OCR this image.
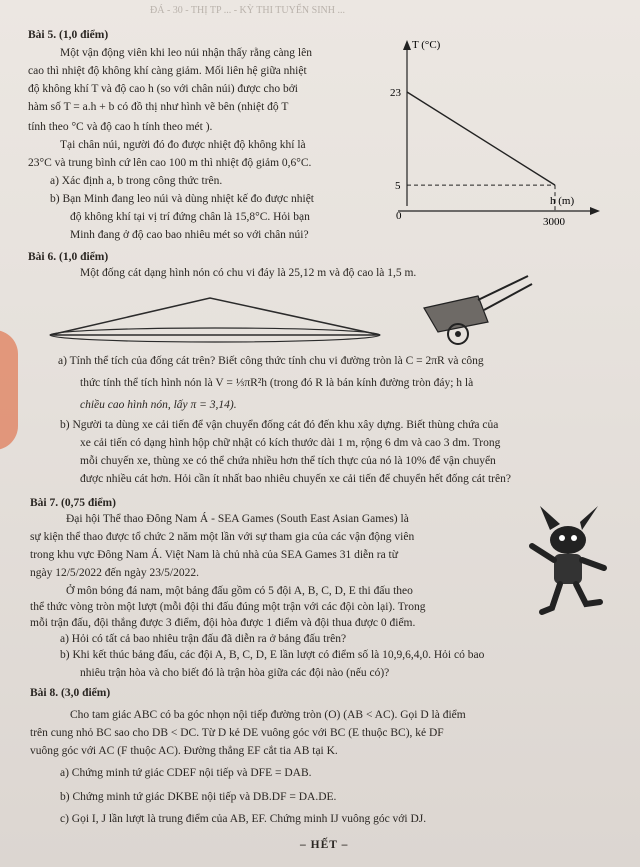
ĐÁ - 30 - THỊ TP ... - KỲ THI TUYỂN SINH ...
Bài 5. (1,0 điểm)
Một vận động viên khi leo núi nhận thấy rằng càng lên
cao thì nhiệt độ không khí càng giảm. Mối liên hệ giữa nhiệt
độ không khí T và độ cao h (so với chân núi) được cho bởi
hàm số T = a.h + b có đồ thị như hình vẽ bên (nhiệt độ T
tính theo °C và độ cao h tính theo mét ).
Tại chân núi, người đó đo được nhiệt độ không khí là
23°C và trung bình cứ lên cao 100 m thì nhiệt độ giảm 0,6°C.
a) Xác định a, b trong công thức trên.
b) Bạn Minh đang leo núi và dùng nhiệt kế đo được nhiệt
độ không khí tại vị trí đứng chân là 15,8°C. Hỏi bạn
Minh đang ở độ cao bao nhiêu mét so với chân núi?
T (°C)
h (m)
0
23
5
3000
Bài 6. (1,0 điểm)
Một đống cát dạng hình nón có chu vi đáy là 25,12 m và độ cao là 1,5 m.
a) Tính thể tích của đống cát trên? Biết công thức tính chu vi đường tròn là C = 2πR và công
thức tính thể tích hình nón là V = ⅓πR²h (trong đó R là bán kính đường tròn đáy; h là
chiều cao hình nón, lấy π = 3,14).
b) Người ta dùng xe cải tiến để vận chuyển đống cát đó đến khu xây dựng. Biết thùng chứa của
xe cải tiến có dạng hình hộp chữ nhật có kích thước dài 1 m, rộng 6 dm và cao 3 dm. Trong
mỗi chuyến xe, thùng xe có thể chứa nhiều hơn thể tích thực của nó là 10% để vận chuyển
được nhiều cát hơn. Hỏi cần ít nhất bao nhiêu chuyến xe cải tiến để chuyển hết đống cát trên?
Bài 7. (0,75 điểm)
Đại hội Thể thao Đông Nam Á - SEA Games (South East Asian Games) là
sự kiện thể thao được tổ chức 2 năm một lần với sự tham gia của các vận động viên
trong khu vực Đông Nam Á. Việt Nam là chủ nhà của SEA Games 31 diễn ra từ
ngày 12/5/2022 đến ngày 23/5/2022.
Ở môn bóng đá nam, một bảng đấu gồm có 5 đội A, B, C, D, E thi đấu theo
thể thức vòng tròn một lượt (mỗi đội thi đấu đúng một trận với các đội còn lại). Trong
mỗi trận đấu, đội thắng được 3 điểm, đội hòa được 1 điểm và đội thua được 0 điểm.
a) Hỏi có tất cả bao nhiêu trận đấu đã diễn ra ở bảng đấu trên?
b) Khi kết thúc bảng đấu, các đội A, B, C, D, E lần lượt có điểm số là 10,9,6,4,0. Hỏi có bao
nhiêu trận hòa và cho biết đó là trận hòa giữa các đội nào (nếu có)?
Bài 8. (3,0 điểm)
Cho tam giác ABC có ba góc nhọn nội tiếp đường tròn (O) (AB < AC). Gọi D là điểm
trên cung nhỏ BC sao cho DB < DC. Từ D kẻ DE vuông góc với BC (E thuộc BC), kẻ DF
vuông góc với AC (F thuộc AC). Đường thẳng EF cắt tia AB tại K.
a) Chứng minh tứ giác CDEF nội tiếp và DFE = DAB.
b) Chứng minh tứ giác DKBE nội tiếp và DB.DF = DA.DE.
c) Gọi I, J lần lượt là trung điểm của AB, EF. Chứng minh IJ vuông góc với DJ.
– HẾT –
